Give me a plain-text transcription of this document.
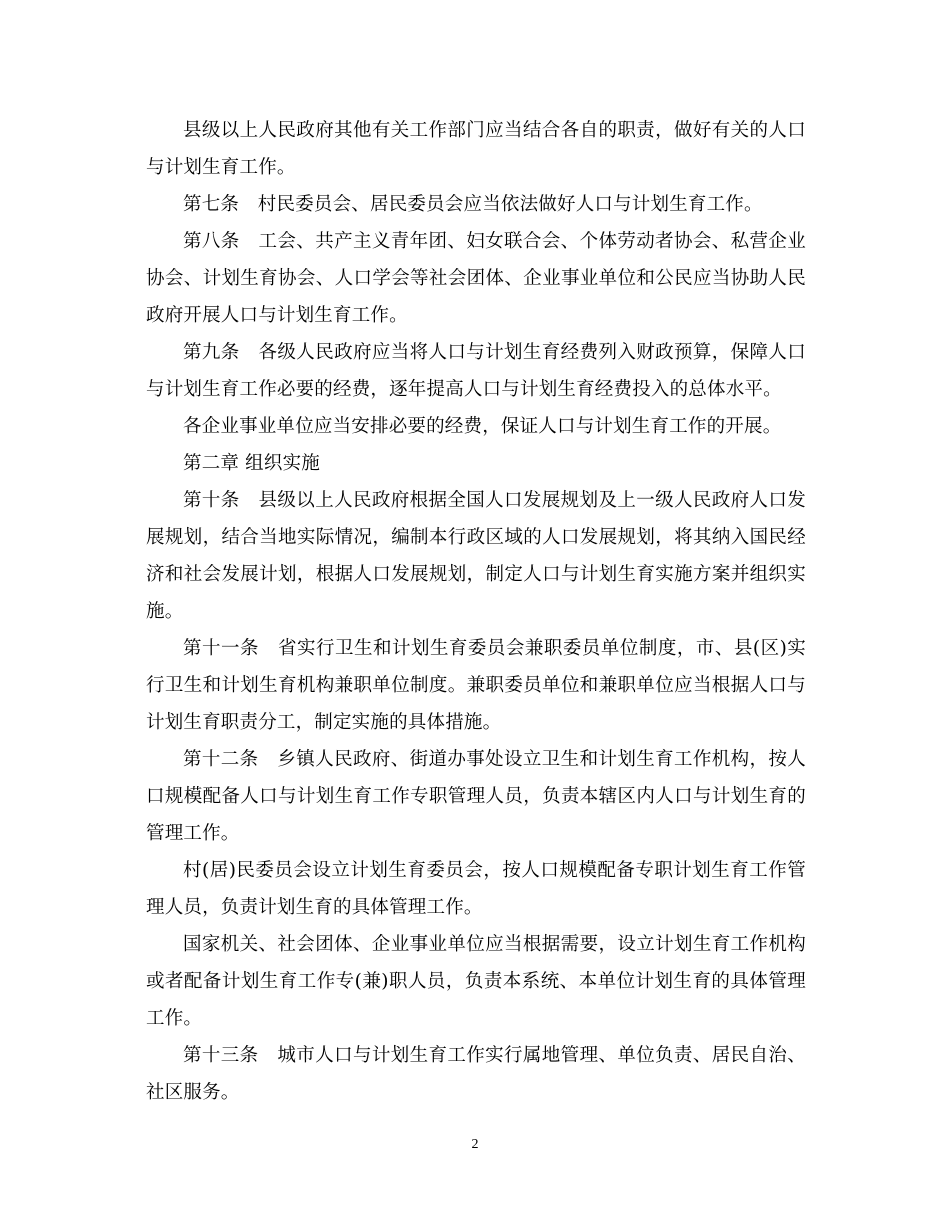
县级以上人民政府其他有关工作部门应当结合各自的职责，做好有关的人口与计划生育工作。

第七条　村民委员会、居民委员会应当依法做好人口与计划生育工作。

第八条　工会、共产主义青年团、妇女联合会、个体劳动者协会、私营企业协会、计划生育协会、人口学会等社会团体、企业事业单位和公民应当协助人民政府开展人口与计划生育工作。

第九条　各级人民政府应当将人口与计划生育经费列入财政预算，保障人口与计划生育工作必要的经费，逐年提高人口与计划生育经费投入的总体水平。

各企业事业单位应当安排必要的经费，保证人口与计划生育工作的开展。

第二章 组织实施

第十条　县级以上人民政府根据全国人口发展规划及上一级人民政府人口发展规划，结合当地实际情况，编制本行政区域的人口发展规划，将其纳入国民经济和社会发展计划，根据人口发展规划，制定人口与计划生育实施方案并组织实施。

第十一条　省实行卫生和计划生育委员会兼职委员单位制度，市、县(区)实行卫生和计划生育机构兼职单位制度。兼职委员单位和兼职单位应当根据人口与计划生育职责分工，制定实施的具体措施。

第十二条　乡镇人民政府、街道办事处设立卫生和计划生育工作机构，按人口规模配备人口与计划生育工作专职管理人员，负责本辖区内人口与计划生育的管理工作。

村(居)民委员会设立计划生育委员会，按人口规模配备专职计划生育工作管理人员，负责计划生育的具体管理工作。

国家机关、社会团体、企业事业单位应当根据需要，设立计划生育工作机构或者配备计划生育工作专(兼)职人员，负责本系统、本单位计划生育的具体管理工作。

第十三条　城市人口与计划生育工作实行属地管理、单位负责、居民自治、社区服务。

2
